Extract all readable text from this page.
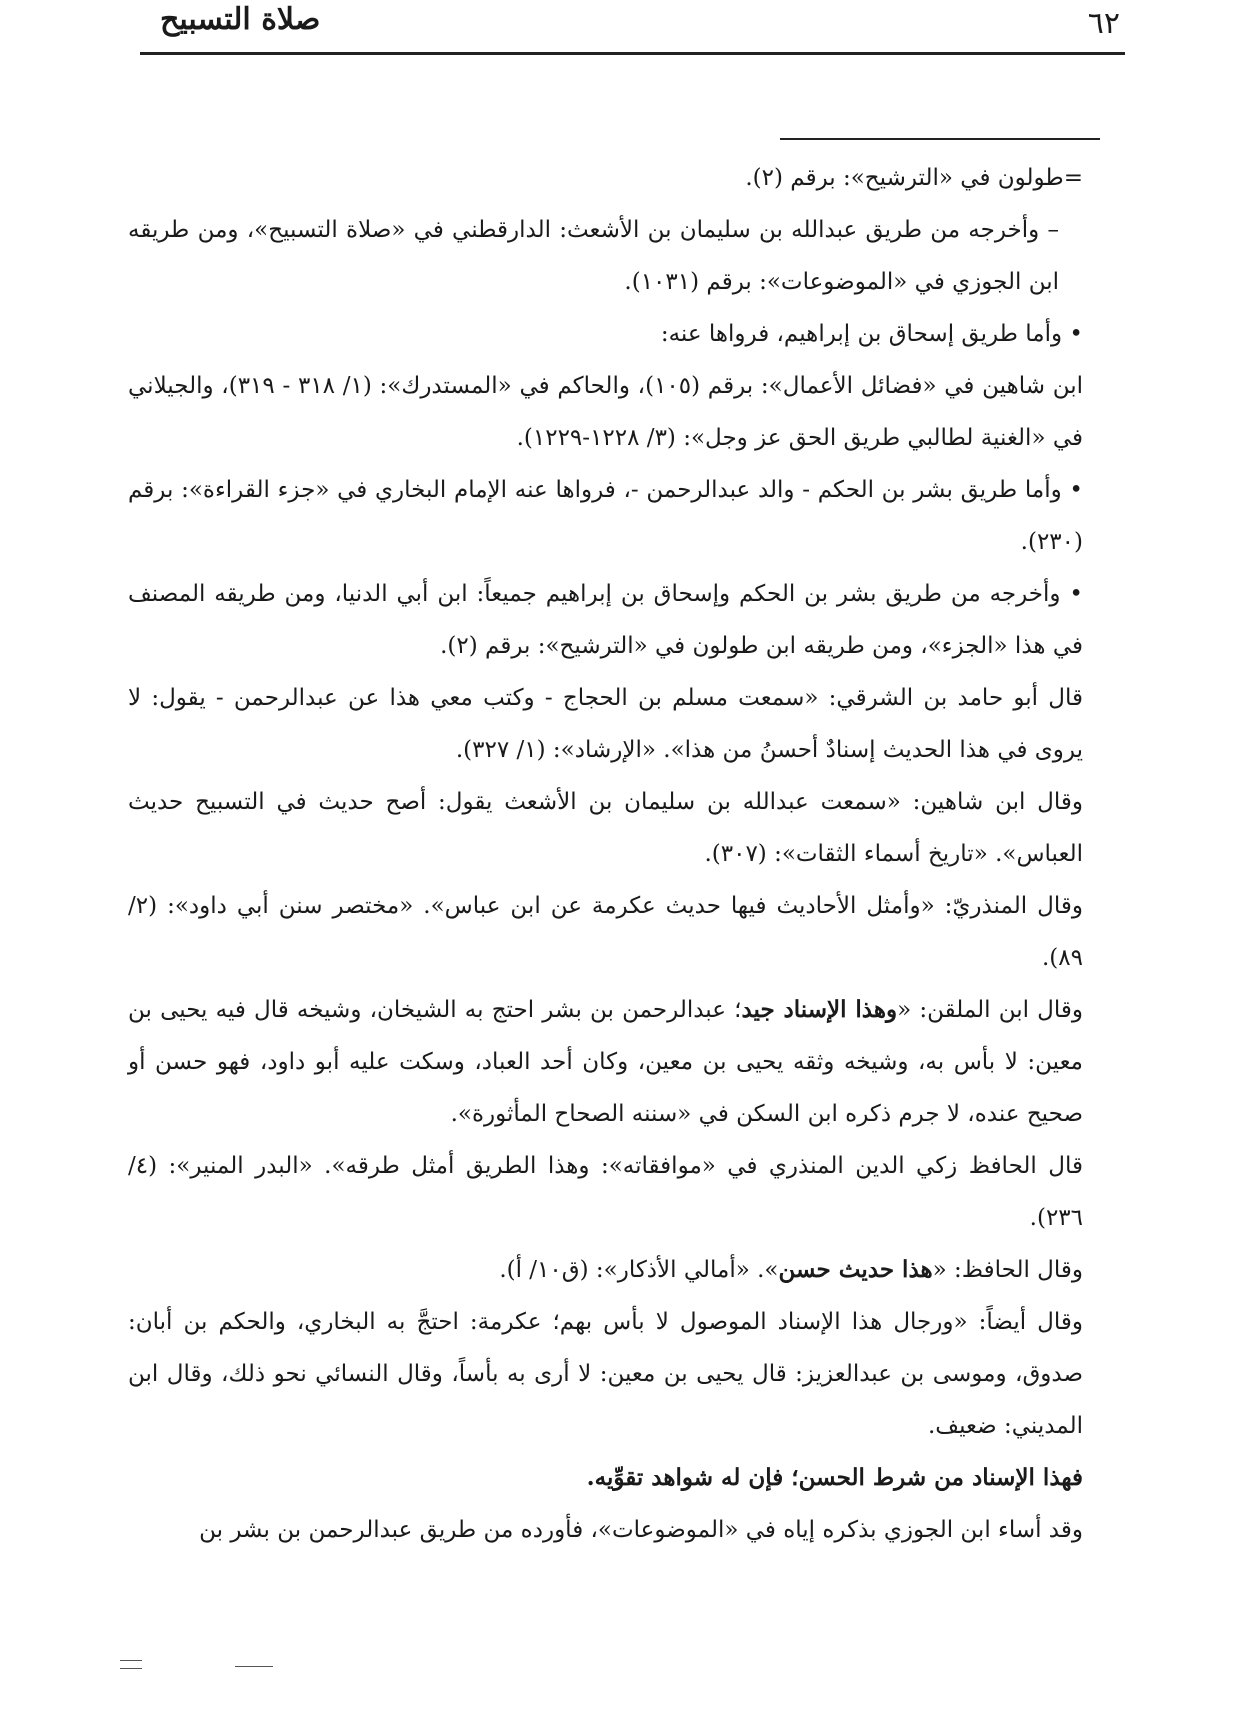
٦٢
صلاة التسبيح

=طولون في «الترشيح»: برقم (٢).

– وأخرجه من طريق عبدالله بن سليمان بن الأشعث: الدارقطني في «صلاة التسبيح»، ومن طريقه ابن الجوزي في «الموضوعات»: برقم (١٠٣١).

• وأما طريق إسحاق بن إبراهيم، فرواها عنه:

ابن شاهين في «فضائل الأعمال»: برقم (١٠٥)، والحاكم في «المستدرك»: (١/ ٣١٨ - ٣١٩)، والجيلاني في «الغنية لطالبي طريق الحق عز وجل»: (٣/ ١٢٢٨-١٢٢٩).

• وأما طريق بشر بن الحكم - والد عبدالرحمن -، فرواها عنه الإمام البخاري في «جزء القراءة»: برقم (٢٣٠).

• وأخرجه من طريق بشر بن الحكم وإسحاق بن إبراهيم جميعاً: ابن أبي الدنيا، ومن طريقه المصنف في هذا «الجزء»، ومن طريقه ابن طولون في «الترشيح»: برقم (٢).

قال أبو حامد بن الشرقي: «سمعت مسلم بن الحجاج - وكتب معي هذا عن عبدالرحمن - يقول: لا يروى في هذا الحديث إسنادٌ أحسنُ من هذا». «الإرشاد»: (١/ ٣٢٧).

وقال ابن شاهين: «سمعت عبدالله بن سليمان بن الأشعث يقول: أصح حديث في التسبيح حديث العباس». «تاريخ أسماء الثقات»: (٣٠٧).

وقال المنذريّ: «وأمثل الأحاديث فيها حديث عكرمة عن ابن عباس». «مختصر سنن أبي داود»: (٢/ ٨٩).

وقال ابن الملقن: «وهذا الإسناد جيد؛ عبدالرحمن بن بشر احتج به الشيخان، وشيخه قال فيه يحيى بن معين: لا بأس به، وشيخه وثقه يحيى بن معين، وكان أحد العباد، وسكت عليه أبو داود، فهو حسن أو صحيح عنده، لا جرم ذكره ابن السكن في «سننه الصحاح المأثورة».

قال الحافظ زكي الدين المنذري في «موافقاته»: وهذا الطريق أمثل طرقه». «البدر المنير»: (٤/ ٢٣٦).

وقال الحافظ: «هذا حديث حسن». «أمالي الأذكار»: (ق١٠/ أ).

وقال أيضاً: «ورجال هذا الإسناد الموصول لا بأس بهم؛ عكرمة: احتجَّ به البخاري، والحكم بن أبان: صدوق، وموسى بن عبدالعزيز: قال يحيى بن معين: لا أرى به بأساً، وقال النسائي نحو ذلك، وقال ابن المديني: ضعيف.

فهذا الإسناد من شرط الحسن؛ فإن له شواهد تقوِّيه.

وقد أساء ابن الجوزي بذكره إياه في «الموضوعات»، فأورده من طريق عبدالرحمن بن بشر بن
